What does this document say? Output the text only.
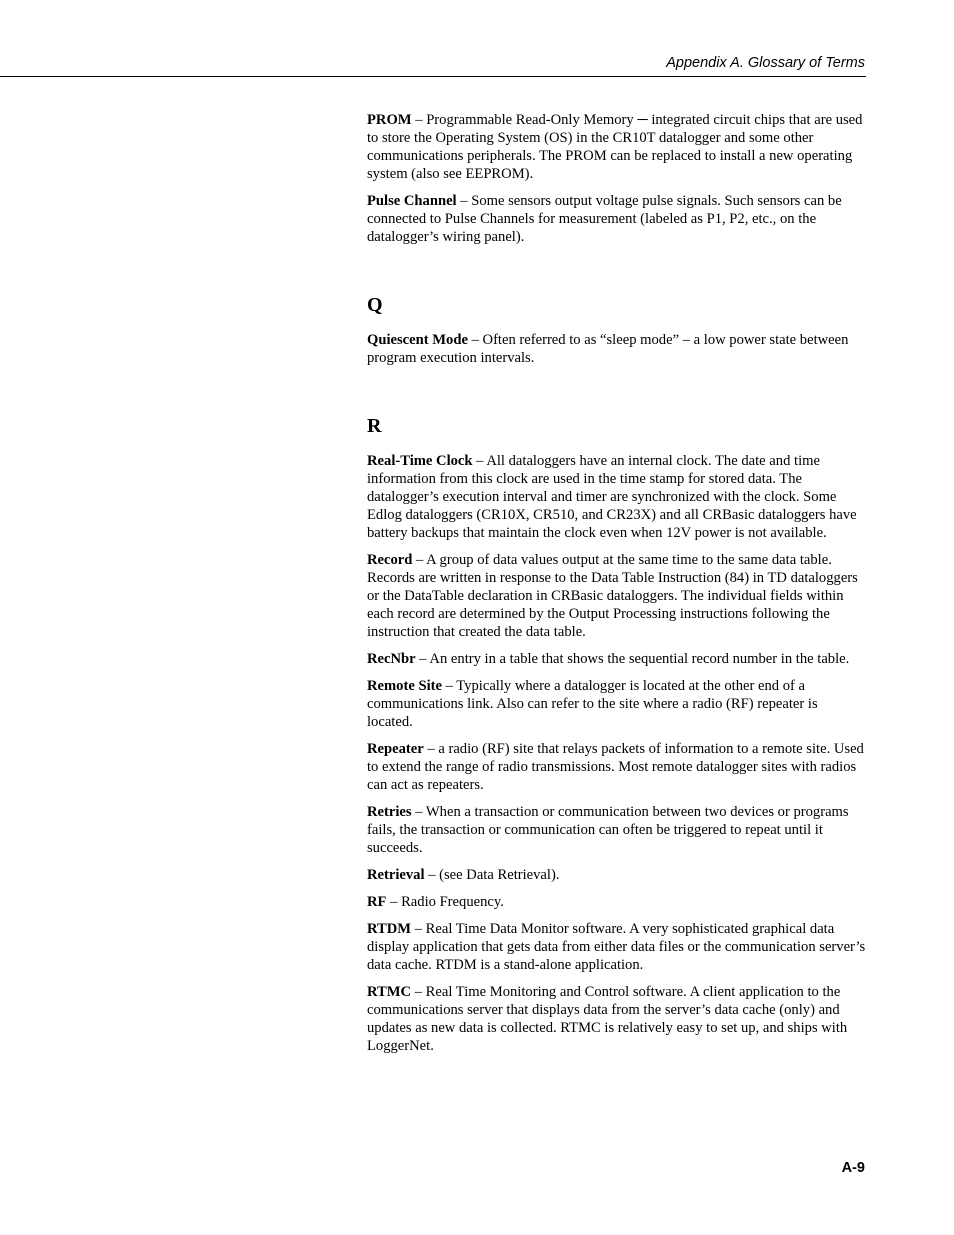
Appendix A. Glossary of Terms

PROM – Programmable Read-Only Memory ─ integrated circuit chips that are used to store the Operating System (OS) in the CR10T datalogger and some other communications peripherals. The PROM can be replaced to install a new operating system (also see EEPROM).

Pulse Channel – Some sensors output voltage pulse signals. Such sensors can be connected to Pulse Channels for measurement (labeled as P1, P2, etc., on the datalogger’s wiring panel).

Q

Quiescent Mode – Often referred to as “sleep mode” – a low power state between program execution intervals.

R

Real-Time Clock – All dataloggers have an internal clock. The date and time information from this clock are used in the time stamp for stored data. The datalogger’s execution interval and timer are synchronized with the clock. Some Edlog dataloggers (CR10X, CR510, and CR23X) and all CRBasic dataloggers have battery backups that maintain the clock even when 12V power is not available.

Record – A group of data values output at the same time to the same data table. Records are written in response to the Data Table Instruction (84) in TD dataloggers or the DataTable declaration in CRBasic dataloggers. The individual fields within each record are determined by the Output Processing instructions following the instruction that created the data table.

RecNbr – An entry in a table that shows the sequential record number in the table.

Remote Site – Typically where a datalogger is located at the other end of a communications link. Also can refer to the site where a radio (RF) repeater is located.

Repeater – a radio (RF) site that relays packets of information to a remote site. Used to extend the range of radio transmissions. Most remote datalogger sites with radios can act as repeaters.

Retries – When a transaction or communication between two devices or programs fails, the transaction or communication can often be triggered to repeat until it succeeds.

Retrieval – (see Data Retrieval).

RF – Radio Frequency.

RTDM – Real Time Data Monitor software. A very sophisticated graphical data display application that gets data from either data files or the communication server’s data cache. RTDM is a stand-alone application.

RTMC – Real Time Monitoring and Control software. A client application to the communications server that displays data from the server’s data cache (only) and updates as new data is collected. RTMC is relatively easy to set up, and ships with LoggerNet.

A-9
